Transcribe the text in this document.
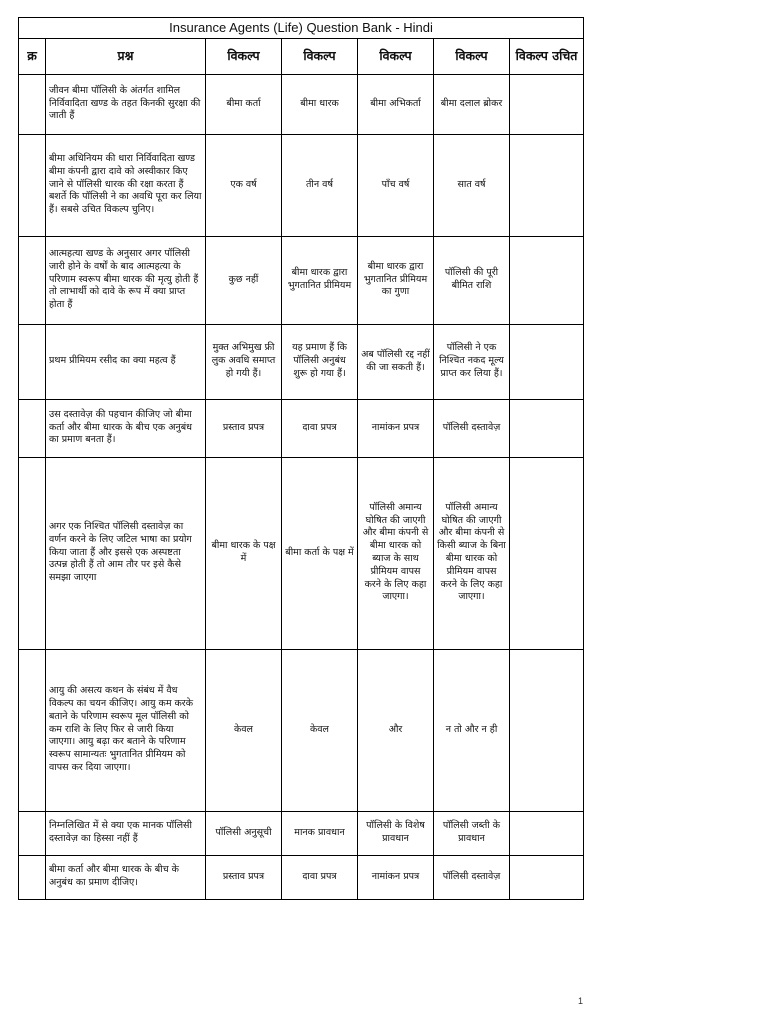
Insurance Agents (Life) Question Bank - Hindi						
क्र	प्रश्न	विकल्प	विकल्प	विकल्प	विकल्प	विकल्प उचित
	जीवन बीमा पॉलिसी के अंतर्गत शामिल निर्विवादिता खण्ड के तहत किनकी सुरक्षा की जाती हैं	बीमा कर्ता	बीमा धारक	बीमा अभिकर्ता	बीमा दलाल ब्रोकर	
	बीमा अधिनियम की धारा निर्विवादिता खण्ड बीमा कंपनी द्वारा दावे को अस्वीकार किए जाने से पॉलिसी धारक की रक्षा करता हैं बशर्ते कि पॉलिसी ने का अवधि पूरा कर लिया हैं। सबसे उचित विकल्प चुनिए।	एक वर्ष	तीन वर्ष	पाँच वर्ष	सात वर्ष	
	आत्महत्या खण्ड के अनुसार अगर पॉलिसी जारी होने के वर्षों के बाद आत्महत्या के परिणाम स्वरूप बीमा धारक की मृत्यु होती हैं तो लाभार्थी को दावे के रूप में क्या प्राप्त होता हैं	कुछ नहीं	बीमा धारक द्वारा भुगतानित प्रीमियम	बीमा धारक द्वारा भुगतानित प्रीमियम का गुणा	पॉलिसी की पूरी बीमित राशि	
	प्रथम प्रीमियम रसीद का क्या महत्व हैं	मुक्त अभिमुख फ्री लुक अवधि समाप्त हो गयी हैं।	यह प्रमाण हैं कि पॉलिसी अनुबंध शुरू हो गया हैं।	अब पॉलिसी रद्द नहीं की जा सकती हैं।	पॉलिसी ने एक निश्चित नकद मूल्य प्राप्त कर लिया हैं।	
	उस दस्तावेज़ की पहचान कीजिए जो बीमा कर्ता और बीमा धारक के बीच एक अनुबंध का प्रमाण बनता हैं।	प्रस्ताव प्रपत्र	दावा प्रपत्र	नामांकन प्रपत्र	पॉलिसी दस्तावेज़	
	अगर एक निश्चित पॉलिसी दस्तावेज़ का वर्णन करने के लिए जटिल भाषा का प्रयोग किया जाता हैं और इससे एक अस्पष्टता उत्पन्न होती हैं तो आम तौर पर इसे कैसे समझा जाएगा	बीमा धारक के पक्ष में	बीमा कर्ता के पक्ष में	पॉलिसी अमान्य घोषित की जाएगी और बीमा कंपनी से बीमा धारक को ब्याज के साथ प्रीमियम वापस करने के लिए कहा जाएगा।	पॉलिसी अमान्य घोषित की जाएगी और बीमा कंपनी से किसी ब्याज के बिना बीमा धारक को प्रीमियम वापस करने के लिए कहा जाएगा।	
	आयु की असत्य कथन के संबंध में वैध विकल्प का चयन कीजिए। आयु कम करके बताने के परिणाम स्वरूप मूल पॉलिसी को कम राशि के लिए फिर से जारी किया जाएगा। आयु बढ़ा कर बताने के परिणाम स्वरूप सामान्यतः भुगतानित प्रीमियम को वापस कर दिया जाएगा।	केवल	केवल	और	न तो और न ही	
	निम्नलिखित में से क्या एक मानक पॉलिसी दस्तावेज़ का हिस्सा नहीं हैं	पॉलिसी अनुसूची	मानक प्रावधान	पॉलिसी के विशेष प्रावधान	पॉलिसी जब्ती के प्रावधान	
	बीमा कर्ता और बीमा धारक के बीच के अनुबंध का प्रमाण दीजिए।	प्रस्ताव प्रपत्र	दावा प्रपत्र	नामांकन प्रपत्र	पॉलिसी दस्तावेज़	
1
